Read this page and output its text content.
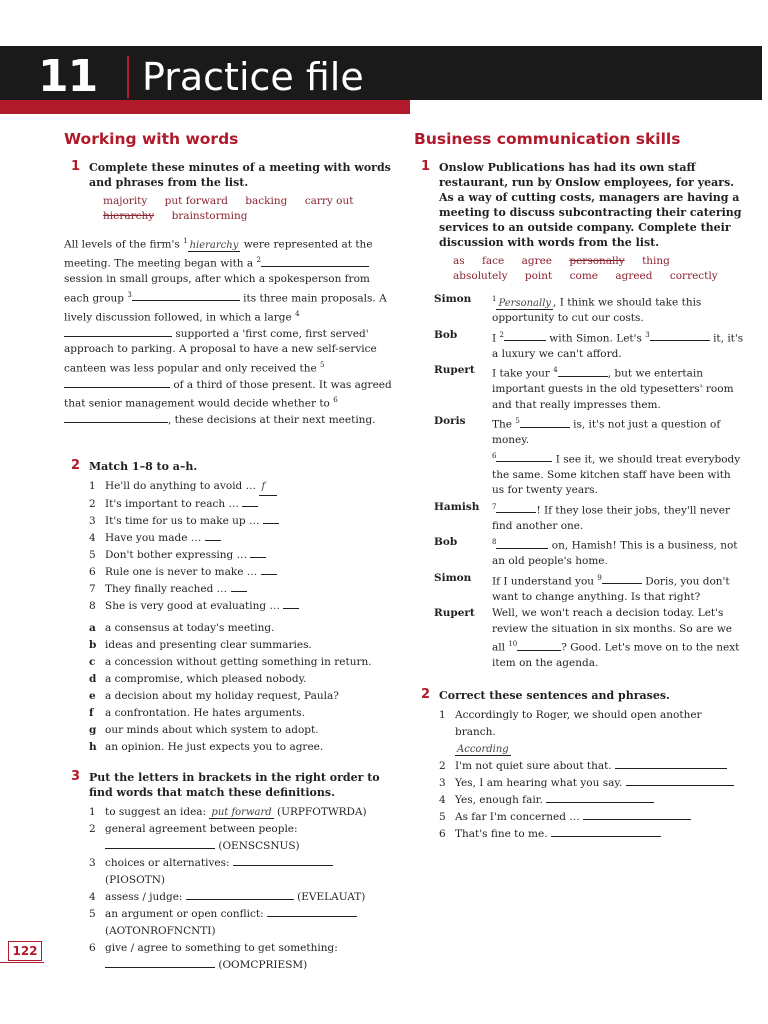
11 Practice file
Working with words
1 Complete these minutes of a meeting with words and phrases from the list.
majority put forward backing carry out
hierarchy brainstorming
All levels of the firm's $^1$ hierarchy were represented at the meeting. The meeting began with a $^2$ session in small groups, after which a spokesperson from each group $^3$	its three main proposals. A lively discussion followed, in which a large $^4$  supported a 'first come, first served' approach to parking. A proposal to have a new self-service canteen was less popular and only received the $^5$  of a third of those present. It was agreed that senior management would decide whether to $^6$ , these decisions at their next meeting.
2 Match 1–8 to a–h.
1 He'll do anything to avoid … f
2 It's important to reach …
3 It's time for us to make up …
4 Have you made …
5 Don't bother expressing …
6 Rule one is never to make …
7 They finally reached …
8 She is very good at evaluating …
a a consensus at today's meeting.
b ideas and presenting clear summaries.
c a concession without getting something in return.
d a compromise, which pleased nobody.
e a decision about my holiday request, Paula?
f a confrontation. He hates arguments.
g our minds about which system to adopt.
h an opinion. He just expects you to agree.
3 Put the letters in brackets in the right order to find words that match these definitions.
1 to suggest an idea: put forward (URPFOTWRDA)
2 general agreement between people:
(OENSCSNUS)
3 choices or alternatives:  (PIOSOTN)
4 assess / judge:	(EVELAUAT)
5 an argument or open conflict:
(AOTONROFNCNTI)
6 give / agree to something to get something:
(OOMCPRIESM)
Business communication skills
1 Onslow Publications has had its own staff restaurant, run by Onslow employees, for years. As a way of cutting costs, managers are having a meeting to discuss subcontracting their catering services to an outside company. Complete their discussion with words from the list.
as face agree personally thing
absolutely point come agreed correctly
Simon	$^1$ Personally , I think we should take this opportunity to cut our costs.
Bob	I $^2$	with Simon. Let's $^3$	it, it's a luxury we can't afford.
Rupert I take your $^4$	, but we entertain important guests in the old typesetters' room and that really impresses them.
Doris	The $^5$	is, it's not just a question of money.
$^6$	I see it, we should treat everybody the same. Some kitchen staff have been with us for twenty years.
Hamish $^7$	! If they lose their jobs, they'll never find another one.
Bob	$^8$	on, Hamish! This is a business, not an old people's home.
Simon If I understand you $^9$	Doris, you don't want to change anything. Is that right?
Rupert Well, we won't reach a decision today. Let's review the situation in six months. So are we all $^{10}$	? Good. Let's move on to the next item on the agenda.
2 Correct these sentences and phrases.
1 Accordingly to Roger, we should open another branch.
According
2 I'm not quiet sure about that.
3 Yes, I am hearing what you say.
4 Yes, enough fair.
5 As far I'm concerned …
6 That's fine to me.
122
